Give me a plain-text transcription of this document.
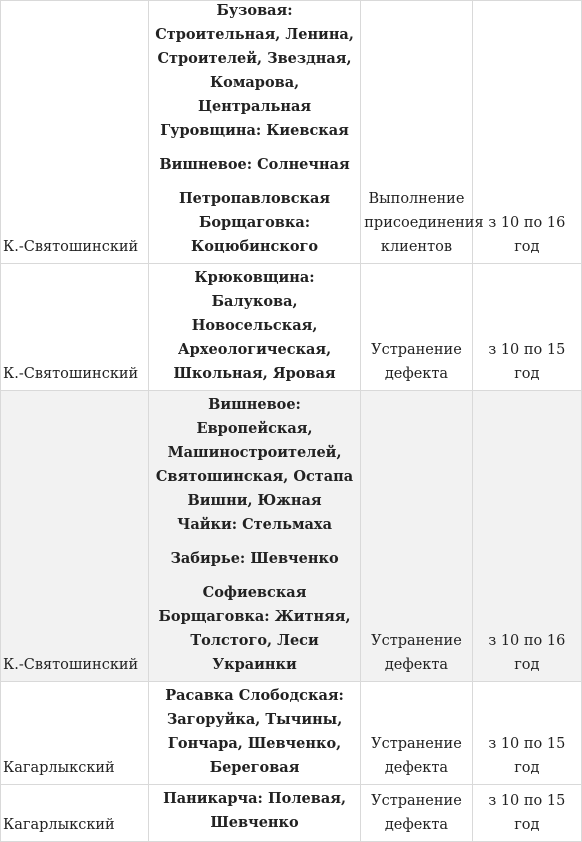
К.-Святошинский	Бузовая: Строительная, Ленина, Строителей, Звездная, Комарова, Центральная
Гуровщина: Киевская
Вишневое: Солнечная
Петропавловская Борщаговка: Коцюбинского	Выполнение присоединения клиентов	з 10 по 16 год
К.-Святошинский	Крюковщина: Балукова, Новосельская, Археологическая, Школьная, Яровая	Устранение дефекта	з 10 по 15 год
К.-Святошинский	Вишневое: Европейская, Машиностроителей, Святошинская, Остапа Вишни, Южная
Чайки: Стельмаха
Забирье: Шевченко
Софиевская Борщаговка: Житняя, Толстого, Леси Украинки	Устранение дефекта	з 10 по 16 год
Кагарлыкский	Расавка Слободская: Загоруйка, Тычины, Гончара, Шевченко, Береговая	Устранение дефекта	з 10 по 15 год
Кагарлыкский	Паникарча: Полевая, Шевченко	Устранение дефекта	з 10 по 15 год
